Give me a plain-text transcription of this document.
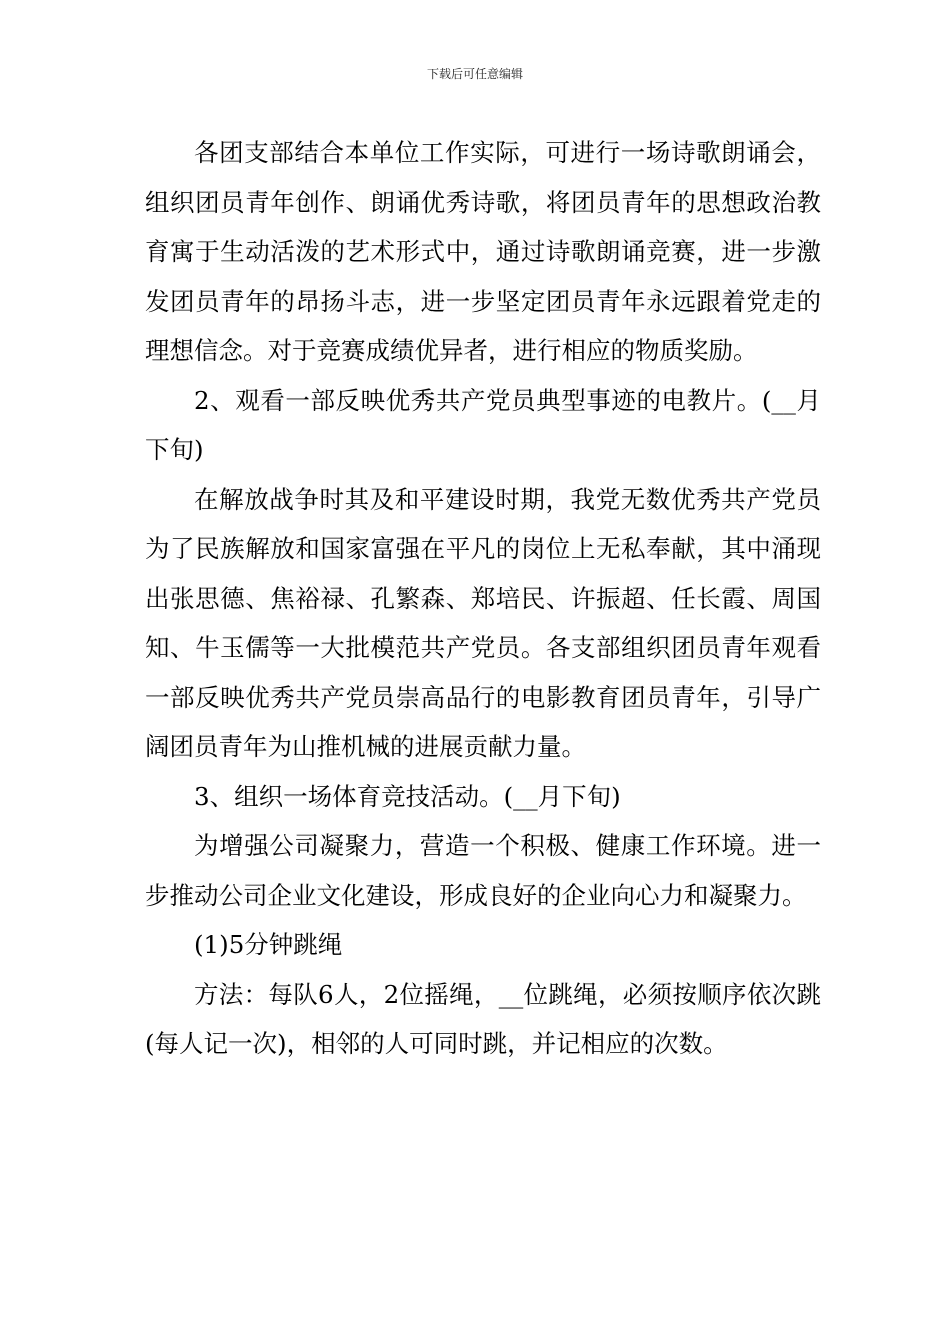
下载后可任意编辑

各团支部结合本单位工作实际，可进行一场诗歌朗诵会，组织团员青年创作、朗诵优秀诗歌，将团员青年的思想政治教育寓于生动活泼的艺术形式中，通过诗歌朗诵竞赛，进一步激发团员青年的昂扬斗志，进一步坚定团员青年永远跟着党走的理想信念。对于竞赛成绩优异者，进行相应的物质奖励。

2、观看一部反映优秀共产党员典型事迹的电教片。(__月下旬)

在解放战争时其及和平建设时期，我党无数优秀共产党员为了民族解放和国家富强在平凡的岗位上无私奉献，其中涌现出张思德、焦裕禄、孔繁森、郑培民、许振超、任长霞、周国知、牛玉儒等一大批模范共产党员。各支部组织团员青年观看一部反映优秀共产党员崇高品行的电影教育团员青年，引导广阔团员青年为山推机械的进展贡献力量。

3、组织一场体育竞技活动。(__月下旬)

为增强公司凝聚力，营造一个积极、健康工作环境。进一步推动公司企业文化建设，形成良好的企业向心力和凝聚力。

(1)5分钟跳绳

方法：每队6人，2位摇绳，__位跳绳，必须按顺序依次跳(每人记一次)，相邻的人可同时跳，并记相应的次数。
